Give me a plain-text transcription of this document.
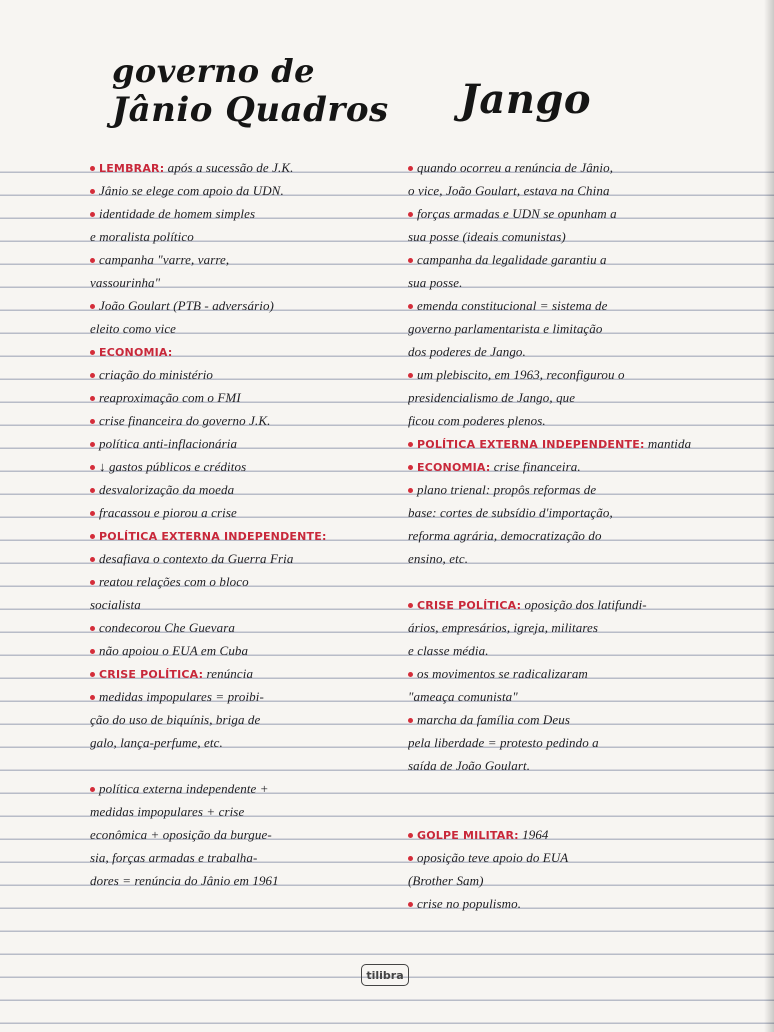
governo de
Jânio Quadros Jango
LEMBRAR: após a sucessão de J.K.
Jânio se elege com apoio da UDN.
identidade de homem simples
e moralista político
campanha "varre, varre,
vassourinha"
João Goulart (PTB - adversário)
eleito como vice
ECONOMIA:
criação do ministério
reaproximação com o FMI
crise financeira do governo J.K.
política anti-inflacionária
↓ gastos públicos e créditos
desvalorização da moeda
fracassou e piorou a crise
POLÍTICA EXTERNA INDEPENDENTE:
desafiava o contexto da Guerra Fria
reatou relações com o bloco
socialista
condecorou Che Guevara
não apoiou o EUA em Cuba
CRISE POLÍTICA: renúncia
medidas impopulares = proibi-
ção do uso de biquínis, briga de
galo, lança-perfume, etc.
política externa independente +
medidas impopulares + crise
econômica + oposição da burgue-
sia, forças armadas e trabalha-
dores = renúncia do Jânio em 1961
quando ocorreu a renúncia de Jânio,
o vice, João Goulart, estava na China
forças armadas e UDN se opunham a
sua posse (ideais comunistas)
campanha da legalidade garantiu a
sua posse.
emenda constitucional = sistema de
governo parlamentarista e limitação
dos poderes de Jango.
um plebiscito, em 1963, reconfigurou o
presidencialismo de Jango, que
ficou com poderes plenos.
POLÍTICA EXTERNA INDEPENDENTE: mantida
ECONOMIA: crise financeira.
plano trienal: propôs reformas de
base: cortes de subsídio d'importação,
reforma agrária, democratização do
ensino, etc.
CRISE POLÍTICA: oposição dos latifundi-
ários, empresários, igreja, militares
e classe média.
os movimentos se radicalizaram
"ameaça comunista"
marcha da família com Deus
pela liberdade = protesto pedindo a
saída de João Goulart.
GOLPE MILITAR: 1964
oposição teve apoio do EUA
(Brother Sam)
crise no populismo.
tilibra
